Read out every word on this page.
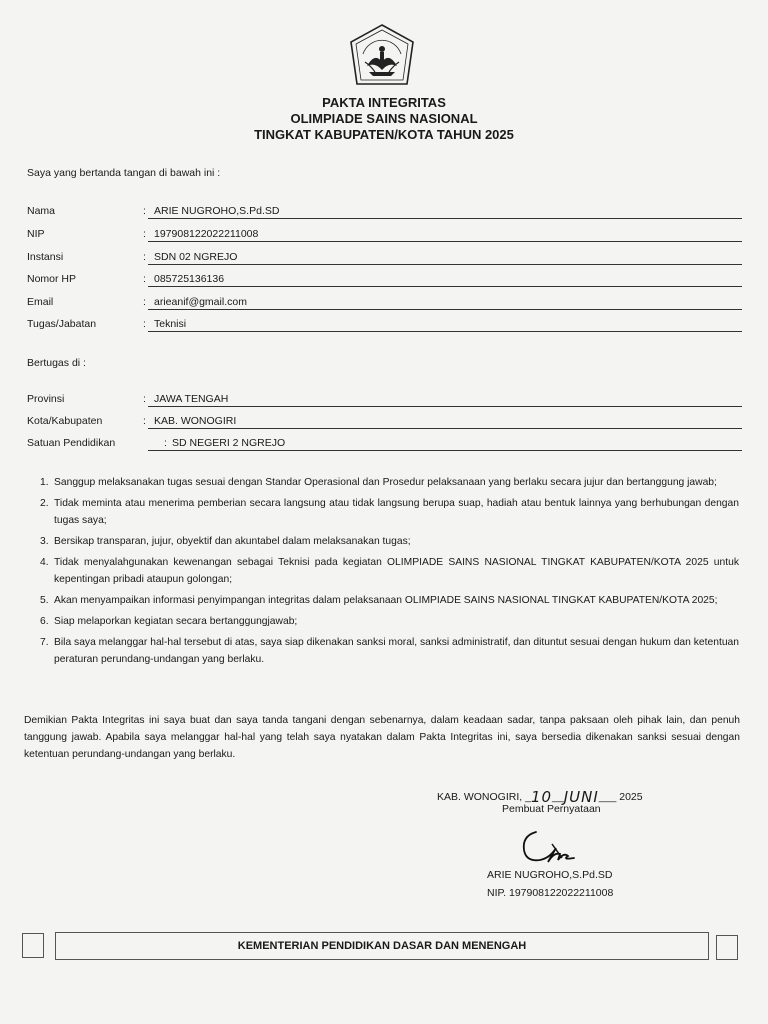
PAKTA INTEGRITAS
OLIMPIADE SAINS NASIONAL
TINGKAT KABUPATEN/KOTA TAHUN 2025
Saya yang bertanda tangan di bawah ini :
Nama	: ARIE NUGROHO,S.Pd.SD
NIP	: 197908122022211008
Instansi	: SDN 02 NGREJO
Nomor HP	: 085725136136
Email	: arieanif@gmail.com
Tugas/Jabatan	: Teknisi
Bertugas di :
Provinsi	: JAWA TENGAH
Kota/Kabupaten	: KAB. WONOGIRI
Satuan Pendidikan	: SD NEGERI 2 NGREJO
1. Sanggup melaksanakan tugas sesuai dengan Standar Operasional dan Prosedur pelaksanaan yang berlaku secara jujur dan bertanggung jawab;
2. Tidak meminta atau menerima pemberian secara langsung atau tidak langsung berupa suap, hadiah atau bentuk lainnya yang berhubungan dengan tugas saya;
3. Bersikap transparan, jujur, obyektif dan akuntabel dalam melaksanakan tugas;
4. Tidak menyalahgunakan kewenangan sebagai Teknisi pada kegiatan OLIMPIADE SAINS NASIONAL TINGKAT KABUPATEN/KOTA 2025 untuk kepentingan pribadi ataupun golongan;
5. Akan menyampaikan informasi penyimpangan integritas dalam pelaksanaan OLIMPIADE SAINS NASIONAL TINGKAT KABUPATEN/KOTA 2025;
6. Siap melaporkan kegiatan secara bertanggungjawab;
7. Bila saya melanggar hal-hal tersebut di atas, saya siap dikenakan sanksi moral, sanksi administratif, dan dituntut sesuai dengan hukum dan ketentuan peraturan perundang-undangan yang berlaku.
Demikian Pakta Integritas ini saya buat dan saya tanda tangani dengan sebenarnya, dalam keadaan sadar, tanpa paksaan oleh pihak lain, dan penuh tanggung jawab. Apabila saya melanggar hal-hal yang telah saya nyatakan dalam Pakta Integritas ini, saya bersedia dikenakan sanksi sesuai dengan ketentuan perundang-undangan yang berlaku.
KAB. WONOGIRI, _10__JUNI___ 2025
Pembuat Pernyataan
ARIE NUGROHO,S.Pd.SD
NIP. 197908122022211008
KEMENTERIAN PENDIDIKAN DASAR DAN MENENGAH
